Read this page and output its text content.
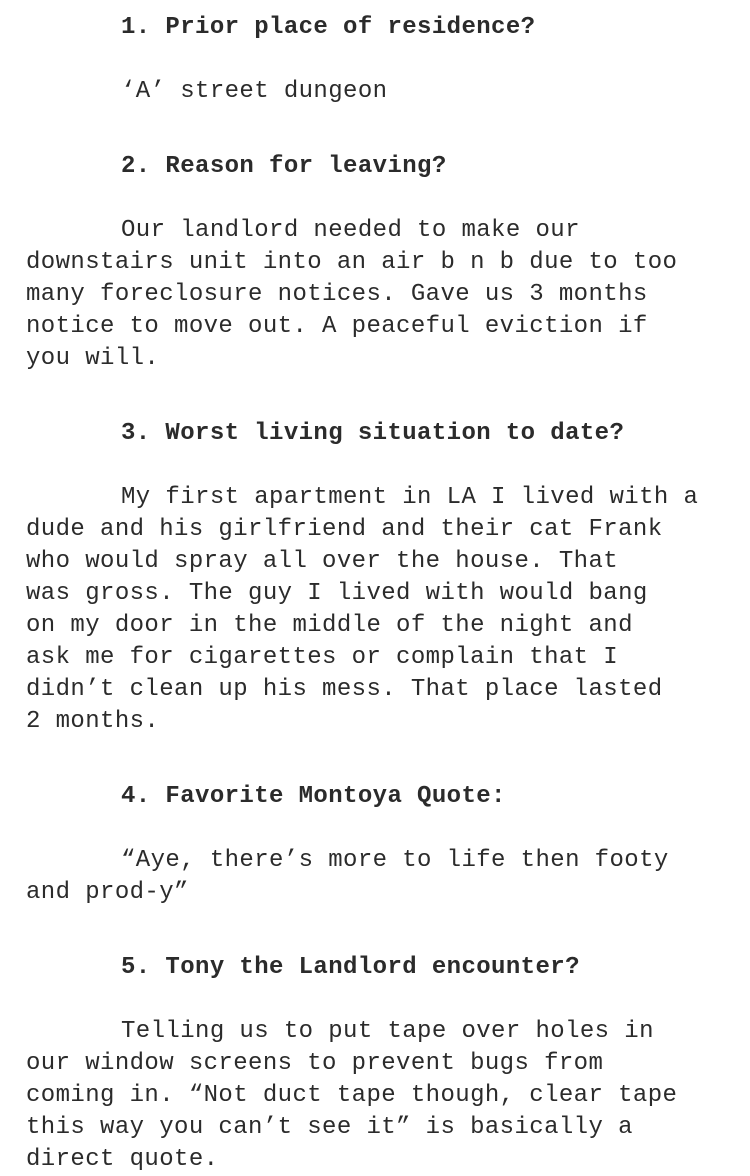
1. Prior place of residence?

‘A’ street dungeon

2. Reason for leaving?

Our landlord needed to make our
downstairs unit into an air b n b due to too
many foreclosure notices. Gave us 3 months
notice to move out. A peaceful eviction if
you will.

3. Worst living situation to date?

My first apartment in LA I lived with a
dude and his girlfriend and their cat Frank
who would spray all over the house. That
was gross. The guy I lived with would bang
on my door in the middle of the night and
ask me for cigarettes or complain that I
didn’t clean up his mess. That place lasted
2 months.

4. Favorite Montoya Quote:

“Aye, there’s more to life then footy
and prod-y”

5. Tony the Landlord encounter?

Telling us to put tape over holes in
our window screens to prevent bugs from
coming in. “Not duct tape though, clear tape
this way you can’t see it” is basically a
direct quote.
